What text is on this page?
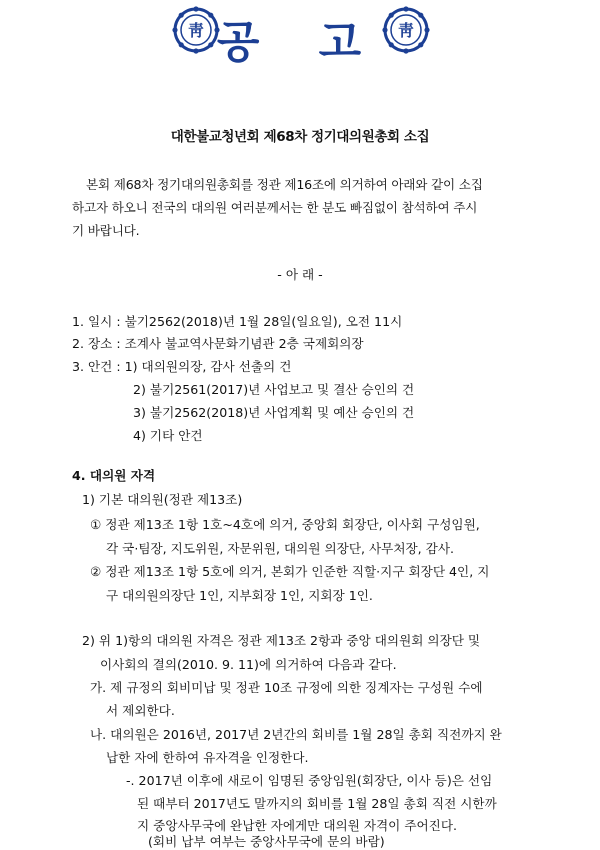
靑	靑
공 고
대한불교청년회 제68차 정기대의원총회 소집
본회 제68차 정기대의원총회를 정관 제16조에 의거하여 아래와 같이 소집
하고자 하오니 전국의 대의원 여러분께서는 한 분도 빠짐없이 참석하여 주시
기 바랍니다.
- 아 래 -
1. 일시 : 불기2562(2018)년 1월 28일(일요일), 오전 11시
2. 장소 : 조계사 불교역사문화기념관 2층 국제회의장
3. 안건 : 1) 대의원의장, 감사 선출의 건
2) 불기2561(2017)년 사업보고 및 결산 승인의 건
3) 불기2562(2018)년 사업계획 및 예산 승인의 건
4) 기타 안건
4. 대의원 자격
1) 기본 대의원(정관 제13조)
① 정관 제13조 1항 1호~4호에 의거, 중앙회 회장단, 이사회 구성임원,
각 국·팀장, 지도위원, 자문위원, 대의원 의장단, 사무처장, 감사.
② 정관 제13조 1항 5호에 의거, 본회가 인준한 직할·지구 회장단 4인, 지
구 대의원의장단 1인, 지부회장 1인, 지회장 1인.
2) 위 1)항의 대의원 자격은 정관 제13조 2항과 중앙 대의원회 의장단 및
이사회의 결의(2010. 9. 11)에 의거하여 다음과 같다.
가. 제 규정의 회비미납 및 정관 10조 규정에 의한 징계자는 구성원 수에
서 제외한다.
나. 대의원은 2016년, 2017년 2년간의 회비를 1월 28일 총회 직전까지 완
납한 자에 한하여 유자격을 인정한다.
-. 2017년 이후에 새로이 임명된 중앙임원(회장단, 이사 등)은 선임
된 때부터 2017년도 말까지의 회비를 1월 28일 총회 직전 시한까
지 중앙사무국에 완납한 자에게만 대의원 자격이 주어진다.
(회비 납부 여부는 중앙사무국에 문의 바람)
